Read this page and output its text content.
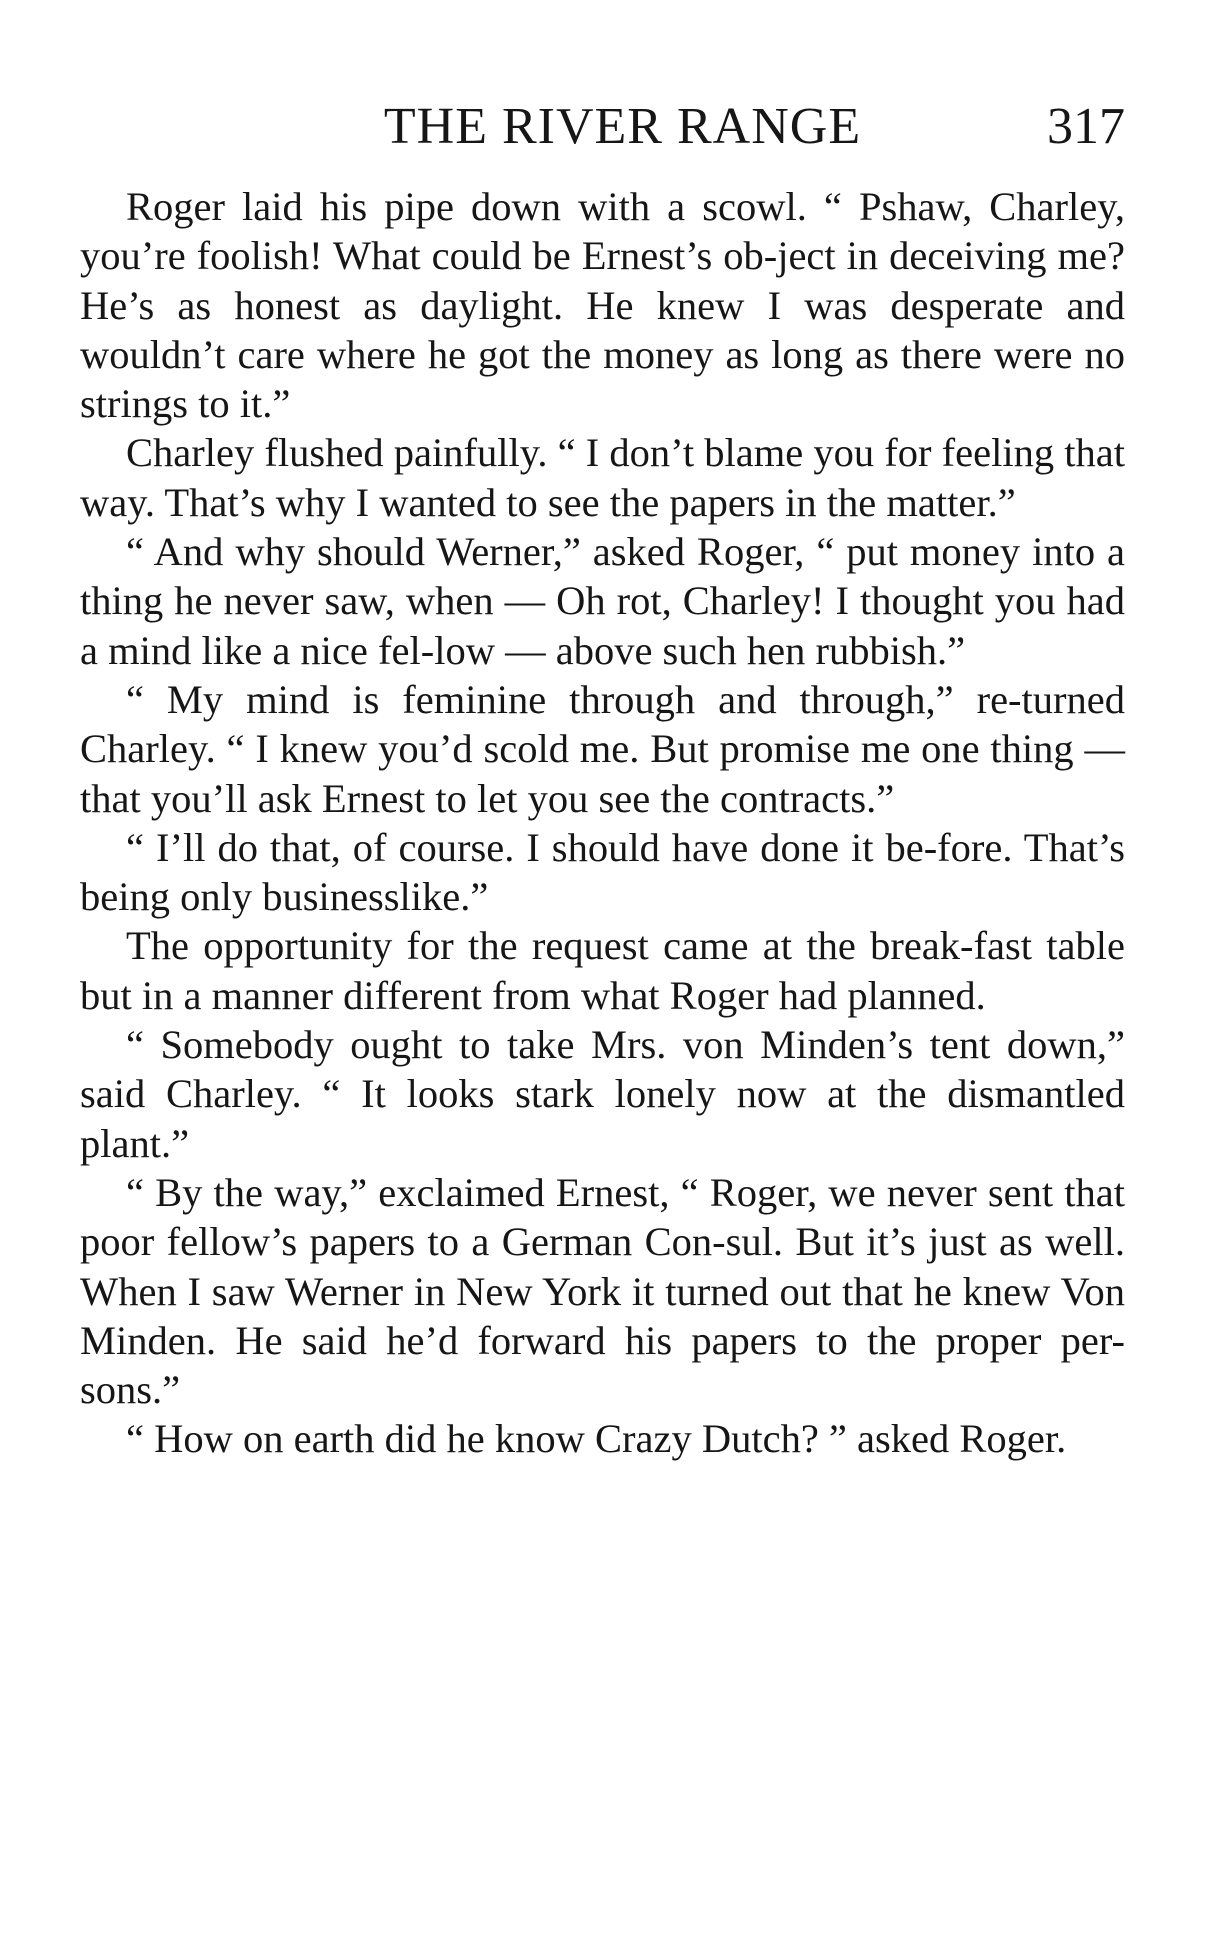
THE RIVER RANGE	317

Roger laid his pipe down with a scowl. “ Pshaw, Charley, you’re foolish! What could be Ernest’s ob-ject in deceiving me? He’s as honest as daylight. He knew I was desperate and wouldn’t care where he got the money as long as there were no strings to it.”

Charley flushed painfully. “ I don’t blame you for feeling that way. That’s why I wanted to see the papers in the matter.”

“ And why should Werner,” asked Roger, “ put money into a thing he never saw, when — Oh rot, Charley! I thought you had a mind like a nice fel-low — above such hen rubbish.”

“ My mind is feminine through and through,” re-turned Charley. “ I knew you’d scold me. But promise me one thing — that you’ll ask Ernest to let you see the contracts.”

“ I’ll do that, of course. I should have done it be-fore. That’s being only businesslike.”

The opportunity for the request came at the break-fast table but in a manner different from what Roger had planned.

“ Somebody ought to take Mrs. von Minden’s tent down,” said Charley. “ It looks stark lonely now at the dismantled plant.”

“ By the way,” exclaimed Ernest, “ Roger, we never sent that poor fellow’s papers to a German Con-sul. But it’s just as well. When I saw Werner in New York it turned out that he knew Von Minden. He said he’d forward his papers to the proper per-sons.”

“ How on earth did he know Crazy Dutch? ” asked Roger.
